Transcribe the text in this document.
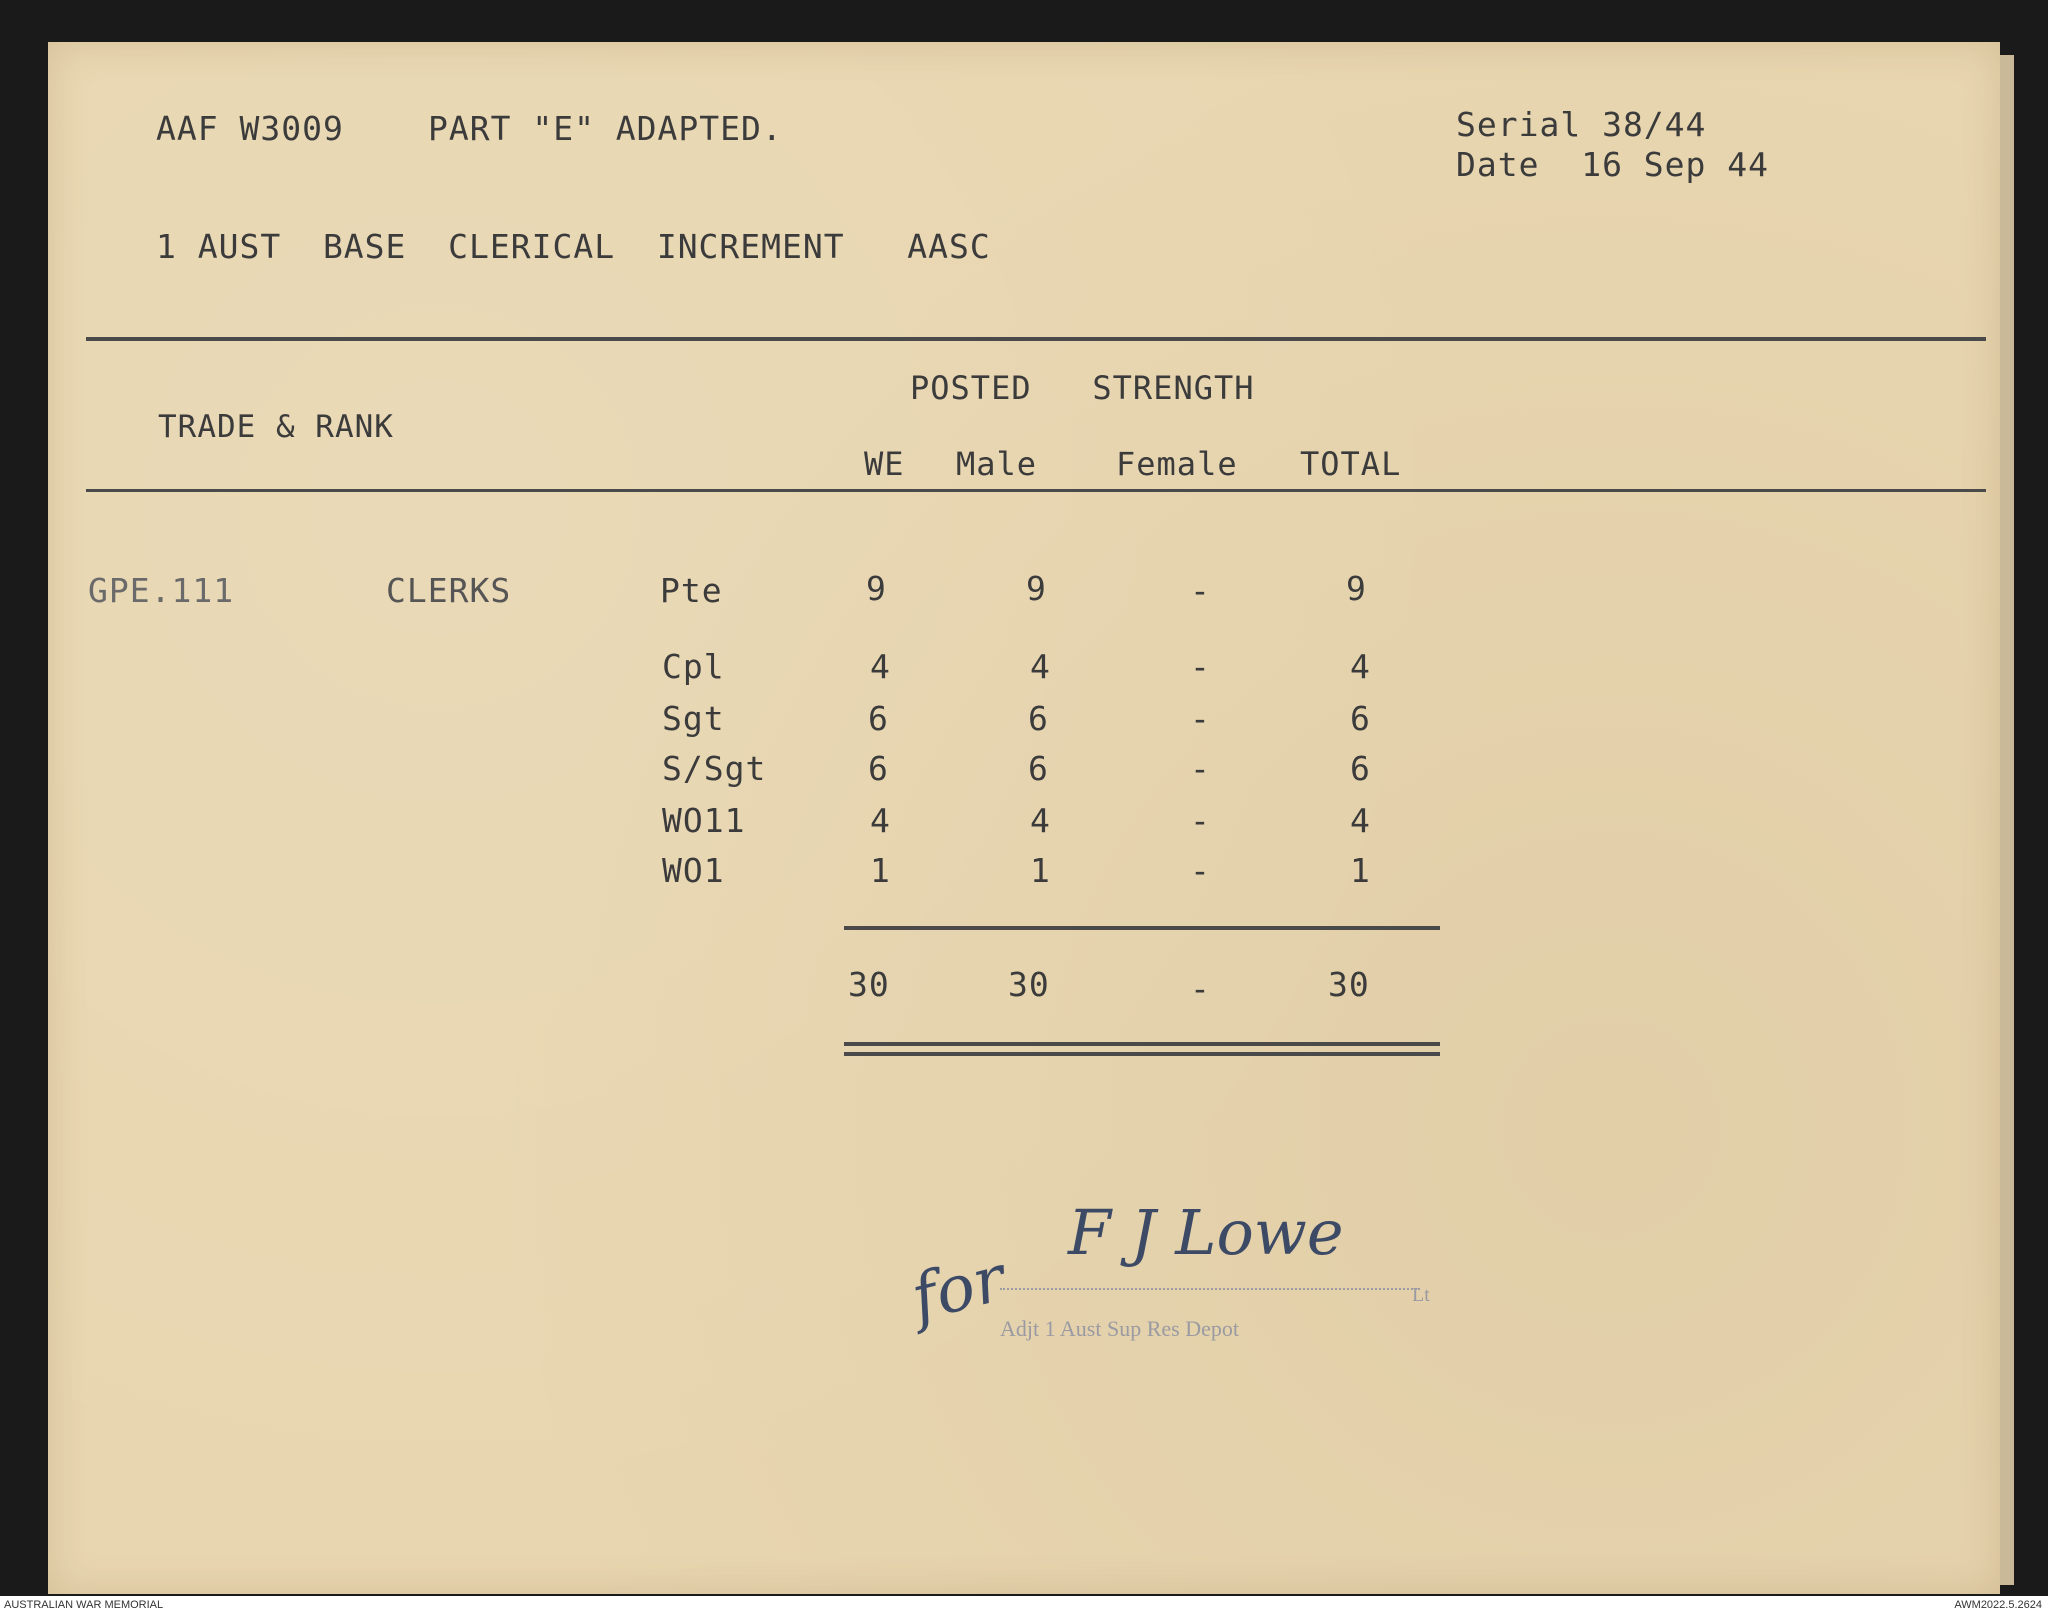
AAF W3009	PART "E" ADAPTED.	Serial 38/44
Date  16 Sep 44
1 AUST  BASE  CLERICAL  INCREMENT   AASC
TRADE & RANK
POSTED   STRENGTH
WE Male Female TOTAL
GPE.111	CLERKS	Pte	9	9	-	9
Cpl	4	4	-	4
Sgt	6	6	-	6
S/Sgt	6	6	-	6
WO11	4	4	-	4
WO1	1	1	-	1
30	30	-	30
Adjt 1 Aust Sup Res Depot
Lt
for
F J Lowe
AUSTRALIAN WAR MEMORIAL	AWM2022.5.2624
